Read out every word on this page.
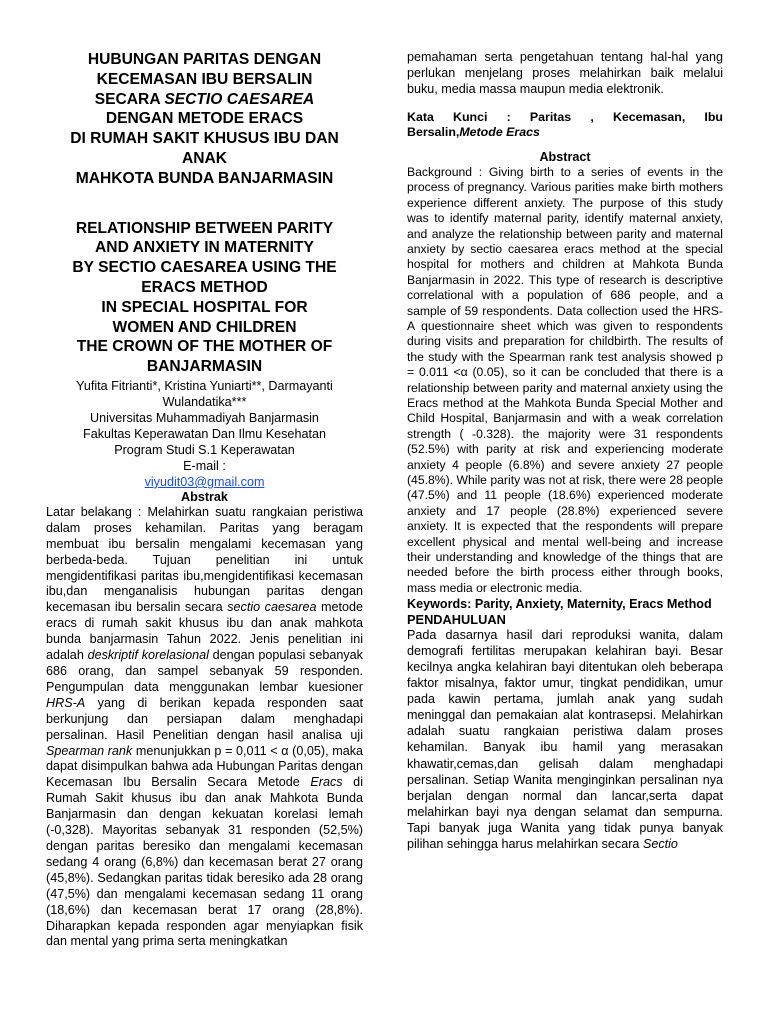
HUBUNGAN PARITAS DENGAN
KECEMASAN IBU BERSALIN
SECARA SECTIO CAESAREA
DENGAN METODE ERACS
DI RUMAH SAKIT KHUSUS IBU DAN
ANAK
MAHKOTA BUNDA BANJARMASIN
RELATIONSHIP BETWEEN PARITY
AND ANXIETY IN MATERNITY
BY SECTIO CAESAREA USING THE
ERACS METHOD
IN SPECIAL HOSPITAL FOR
WOMEN AND CHILDREN
THE CROWN OF THE MOTHER OF
BANJARMASIN
Yufita Fitrianti*, Kristina Yuniarti**, Darmayanti Wulandatika***
Universitas Muhammadiyah Banjarmasin
Fakultas Keperawatan Dan Ilmu Kesehatan
Program Studi S.1 Keperawatan
E-mail :
viyudit03@gmail.com
Abstrak

Latar belakang : Melahirkan suatu rangkaian peristiwa dalam proses kehamilan. Paritas yang beragam membuat ibu bersalin mengalami kecemasan yang berbeda-beda. Tujuan penelitian ini untuk mengidentifikasi paritas ibu,mengidentifikasi kecemasan ibu,dan menganalisis hubungan paritas dengan kecemasan ibu bersalin secara sectio caesarea metode eracs di rumah sakit khusus ibu dan anak mahkota bunda banjarmasin Tahun 2022. Jenis penelitian ini adalah deskriptif korelasional dengan populasi sebanyak 686 orang, dan sampel sebanyak 59 responden. Pengumpulan data menggunakan lembar kuesioner HRS-A yang di berikan kepada responden saat berkunjung dan persiapan dalam menghadapi persalinan. Hasil Penelitian dengan hasil analisa uji Spearman rank menunjukkan p = 0,011 < α (0,05), maka dapat disimpulkan bahwa ada Hubungan Paritas dengan Kecemasan Ibu Bersalin Secara Metode Eracs di Rumah Sakit khusus ibu dan anak Mahkota Bunda Banjarmasin dan dengan kekuatan korelasi lemah (-0,328). Mayoritas sebanyak 31 responden (52,5%) dengan paritas beresiko dan mengalami kecemasan sedang 4 orang (6,8%) dan kecemasan berat 27 orang (45,8%). Sedangkan paritas tidak beresiko ada 28 orang (47,5%) dan mengalami kecemasan sedang 11 orang (18,6%) dan kecemasan berat 17 orang (28,8%). Diharapkan kepada responden agar menyiapkan fisik dan mental yang prima serta meningkatkan

pemahaman serta pengetahuan tentang hal-hal yang perlukan menjelang proses melahirkan baik melalui buku, media massa maupun media elektronik.

Kata Kunci : Paritas , Kecemasan, Ibu Bersalin,Metode Eracs
Abstract

Background : Giving birth to a series of events in the process of pregnancy. Various parities make birth mothers experience different anxiety. The purpose of this study was to identify maternal parity, identify maternal anxiety, and analyze the relationship between parity and maternal anxiety by sectio caesarea eracs method at the special hospital for mothers and children at Mahkota Bunda Banjarmasin in 2022. This type of research is descriptive correlational with a population of 686 people, and a sample of 59 respondents. Data collection used the HRS-A questionnaire sheet which was given to respondents during visits and preparation for childbirth. The results of the study with the Spearman rank test analysis showed p = 0.011 <α (0.05), so it can be concluded that there is a relationship between parity and maternal anxiety using the Eracs method at the Mahkota Bunda Special Mother and Child Hospital, Banjarmasin and with a weak correlation strength ( -0.328). the majority were 31 respondents (52.5%) with parity at risk and experiencing moderate anxiety 4 people (6.8%) and severe anxiety 27 people (45.8%). While parity was not at risk, there were 28 people (47.5%) and 11 people (18.6%) experienced moderate anxiety and 17 people (28.8%) experienced severe anxiety. It is expected that the respondents will prepare excellent physical and mental well-being and increase their understanding and knowledge of the things that are needed before the birth process either through books, mass media or electronic media.

Keywords: Parity, Anxiety, Maternity, Eracs Method
PENDAHULUAN

Pada dasarnya hasil dari reproduksi wanita, dalam demografi fertilitas merupakan kelahiran bayi. Besar kecilnya angka kelahiran bayi ditentukan oleh beberapa faktor misalnya, faktor umur, tingkat pendidikan, umur pada kawin pertama, jumlah anak yang sudah meninggal dan pemakaian alat kontrasepsi. Melahirkan adalah suatu rangkaian peristiwa dalam proses kehamilan. Banyak ibu hamil yang merasakan khawatir,cemas,dan gelisah dalam menghadapi persalinan. Setiap Wanita menginginkan persalinan nya berjalan dengan normal dan lancar,serta dapat melahirkan bayi nya dengan selamat dan sempurna. Tapi banyak juga Wanita yang tidak punya banyak pilihan sehingga harus melahirkan secara Sectio
